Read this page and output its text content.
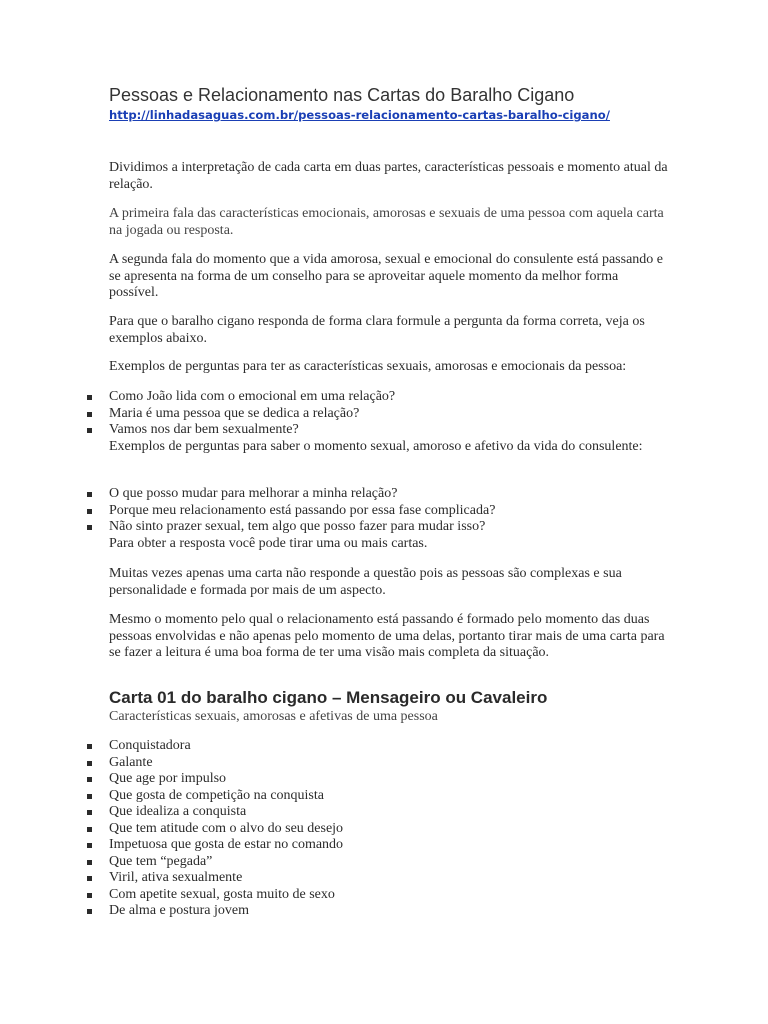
Pessoas e Relacionamento nas Cartas do Baralho Cigano
http://linhadasaguas.com.br/pessoas-relacionamento-cartas-baralho-cigano/

Dividimos a interpretação de cada carta em duas partes, características pessoais e momento atual da relação.

A primeira fala das características emocionais, amorosas e sexuais de uma pessoa com aquela carta na jogada ou resposta.

A segunda fala do momento que a vida amorosa, sexual e emocional do consulente está passando e se apresenta na forma de um conselho para se aproveitar aquele momento da melhor forma possível.

Para que o baralho cigano responda de forma clara formule a pergunta da forma correta, veja os exemplos abaixo.

Exemplos de perguntas para ter as características sexuais, amorosas e emocionais da pessoa:

Como João lida com o emocional em uma relação?
Maria é uma pessoa que se dedica a relação?
Vamos nos dar bem sexualmente?

Exemplos de perguntas para saber o momento sexual, amoroso e afetivo da vida do consulente:

O que posso mudar para melhorar a minha relação?
Porque meu relacionamento está passando por essa fase complicada?
Não sinto prazer sexual, tem algo que posso fazer para mudar isso?

Para obter a resposta você pode tirar uma ou mais cartas.

Muitas vezes apenas uma carta não responde a questão pois as pessoas são complexas e sua personalidade e formada por mais de um aspecto.

Mesmo o momento pelo qual o relacionamento está passando é formado pelo momento das duas pessoas envolvidas e não apenas pelo momento de uma delas, portanto tirar mais de uma carta para se fazer a leitura é uma boa forma de ter uma visão mais completa da situação.

Carta 01 do baralho cigano – Mensageiro ou Cavaleiro

Características sexuais, amorosas e afetivas de uma pessoa

Conquistadora
Galante
Que age por impulso
Que gosta de competição na conquista
Que idealiza a conquista
Que tem atitude com o alvo do seu desejo
Impetuosa que gosta de estar no comando
Que tem “pegada”
Viril, ativa sexualmente
Com apetite sexual, gosta muito de sexo
De alma e postura jovem
